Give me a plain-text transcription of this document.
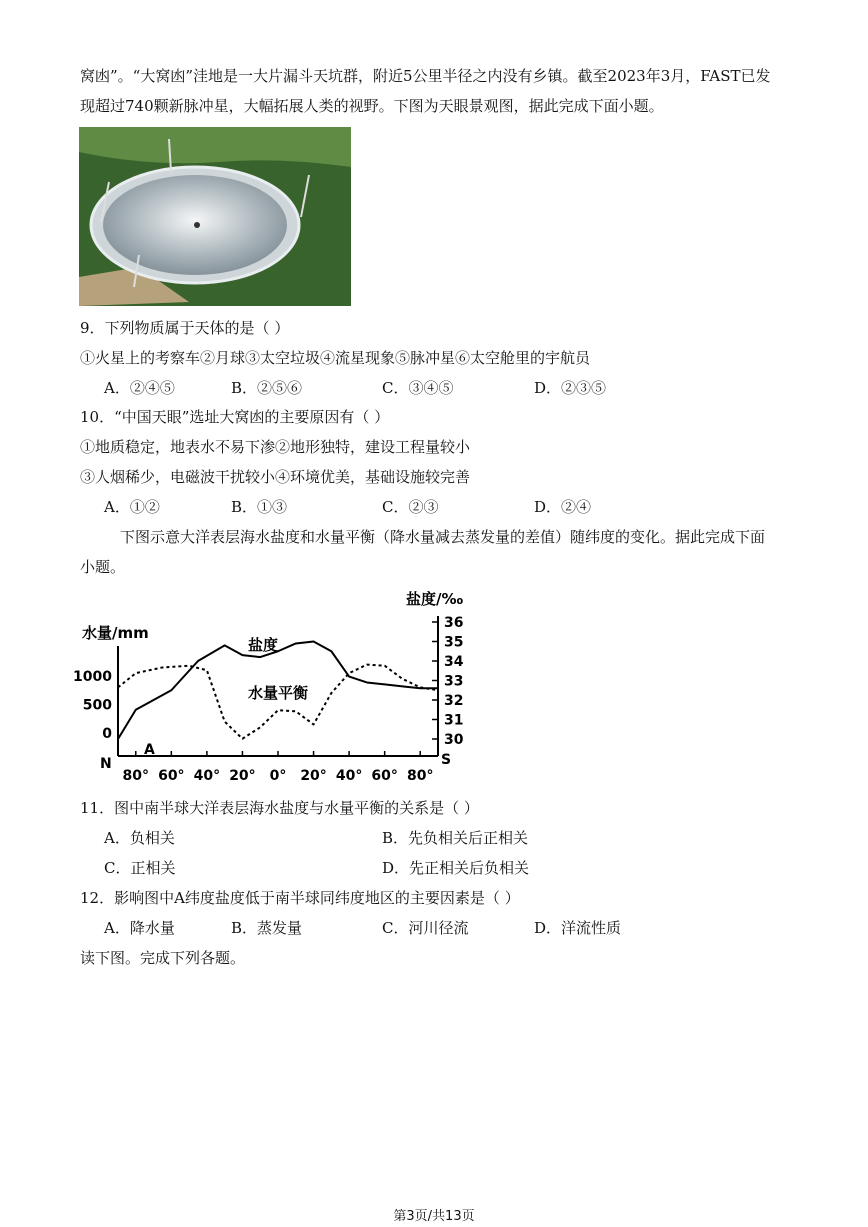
窝凼”。“大窝凼”洼地是一大片漏斗天坑群，附近5公里半径之内没有乡镇。截至2023年3月，FAST已发
现超过740颗新脉冲星，大幅拓展人类的视野。下图为天眼景观图，据此完成下面小题。
9．下列物质属于天体的是（ ）
①火星上的考察车②月球③太空垃圾④流星现象⑤脉冲星⑥太空舱里的宇航员
A．②④⑤	B．②⑤⑥	C．③④⑤	D．②③⑤
10．“中国天眼”选址大窝凼的主要原因有（ ）
①地质稳定，地表水不易下渗②地形独特，建设工程量较小
③人烟稀少，电磁波干扰较小④环境优美，基础设施较完善
A．①②	B．①③	C．②③	D．②④
下图示意大洋表层海水盐度和水量平衡（降水量减去蒸发量的差值）随纬度的变化。据此完成下面
小题。
盐度/‰
水量/mm
盐度
水量平衡
A
N	S
1000
500
0
36
35
34
33
32
31
30
80° 60° 40° 20° 0° 20° 40° 60° 80°
11．图中南半球大洋表层海水盐度与水量平衡的关系是（ ）
A．负相关	B．先负相关后正相关
C．正相关	D．先正相关后负相关
12．影响图中A纬度盐度低于南半球同纬度地区的主要因素是（ ）
A．降水量	B．蒸发量	C．河川径流	D．洋流性质
读下图。完成下列各题。
第3页/共13页
